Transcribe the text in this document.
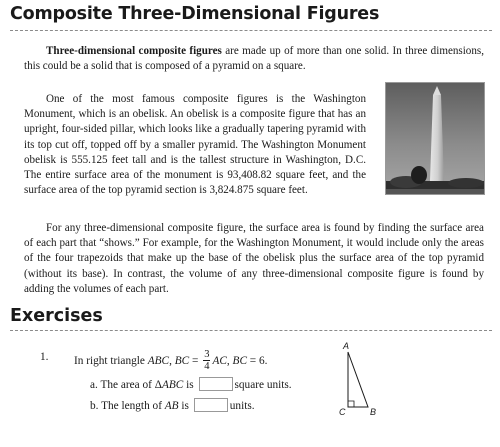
Composite Three-Dimensional Figures

Three-dimensional composite figures are made up of more than one solid. In three dimensions, this could be a solid that is composed of a pyramid on a square.

One of the most famous composite figures is the Washington Monument, which is an obelisk. An obelisk is a composite figure that has an upright, four-sided pillar, which looks like a gradually tapering pyramid with its top cut off, topped off by a smaller pyramid. The Washington Monument obelisk is 555.125 feet tall and is the tallest structure in Washington, D.C. The entire surface area of the monument is 93,408.82 square feet, and the surface area of the top pyramid section is 3,824.875 square feet.

For any three-dimensional composite figure, the surface area is found by finding the surface area of each part that “shows.” For example, for the Washington Monument, it would include only the areas of the four trapezoids that make up the base of the obelisk plus the surface area of the top pyramid (without its base). In contrast, the volume of any three-dimensional composite figure is found by adding the volumes of each part.

Exercises
1. In right triangle ABC, BC = $\frac{3}{4}$ AC, BC = 6.
a. The area of ΔABC is	square units.
b. The length of AB is	units.
A
C	B
